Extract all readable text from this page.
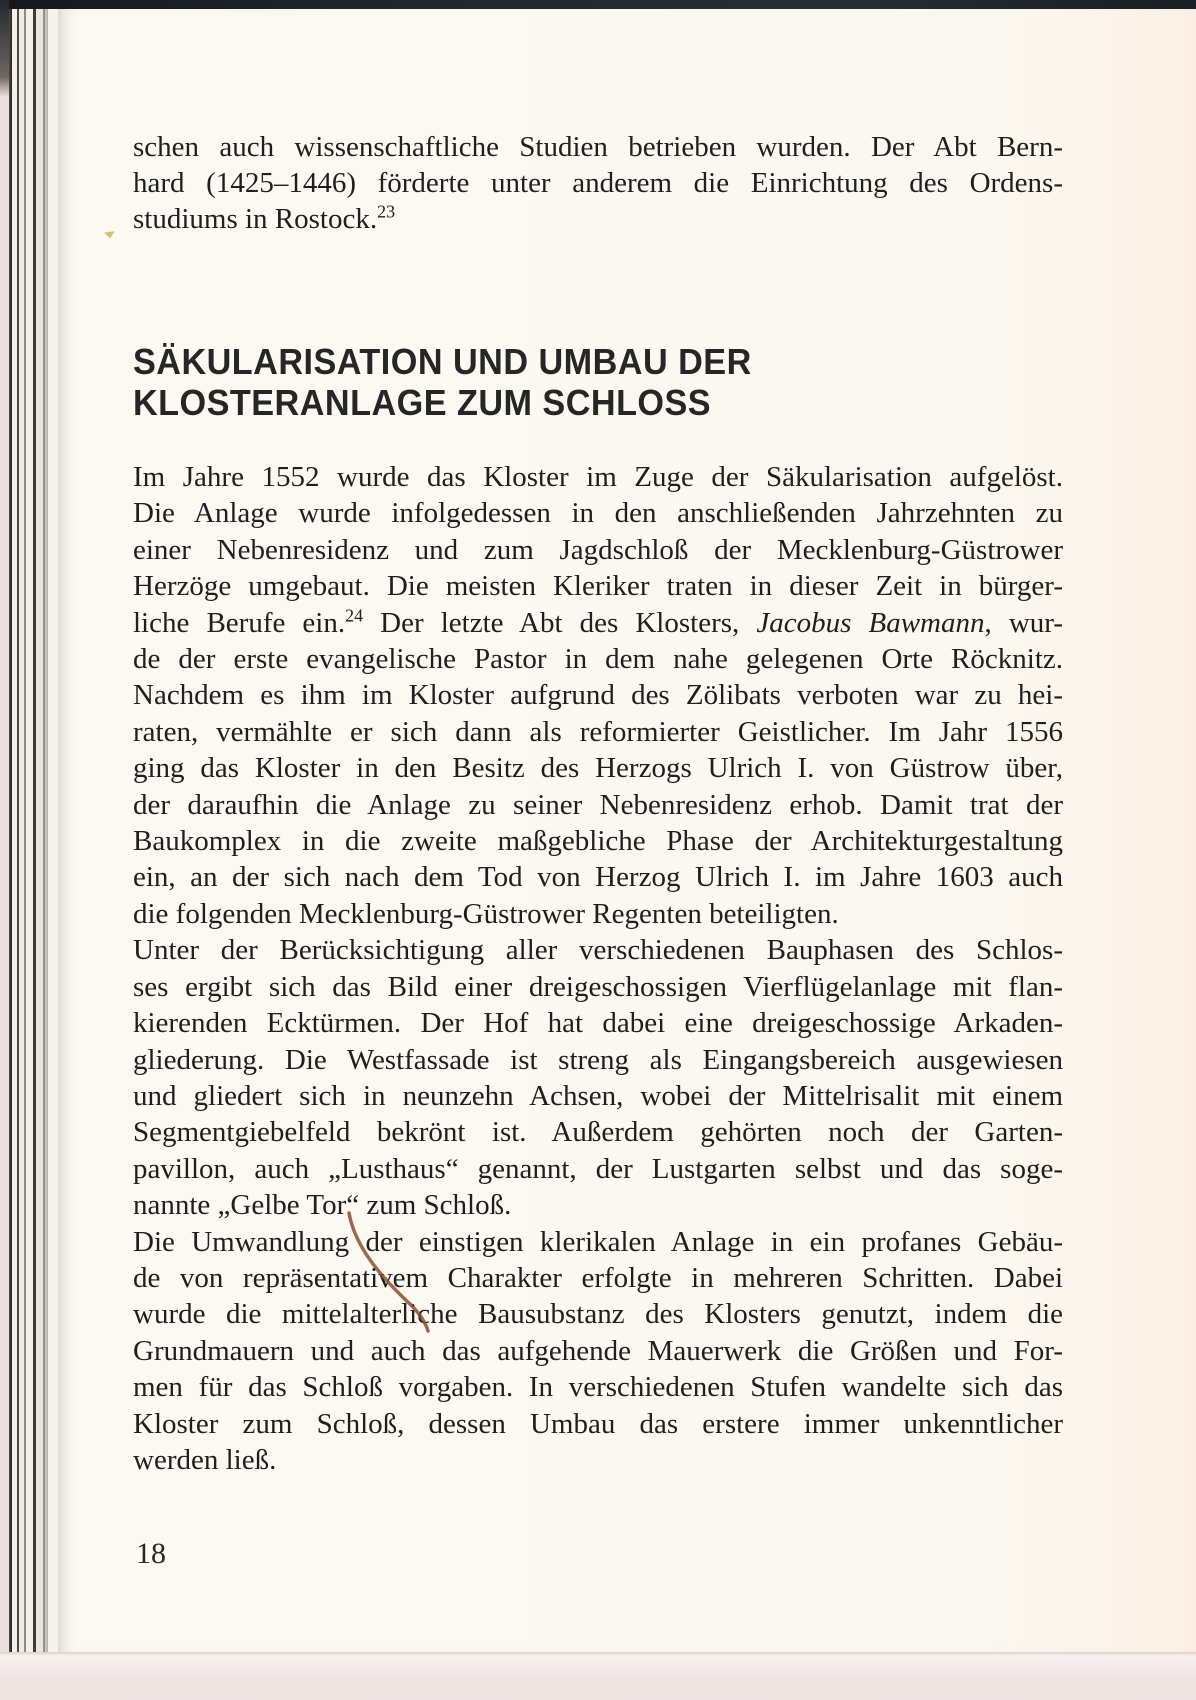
schen auch wissenschaftliche Studien betrieben wurden. Der Abt Bern-
hard (1425–1446) förderte unter anderem die Einrichtung des Ordens-
studiums in Rostock.$^{23}$
SÄKULARISATION UND UMBAU DER
KLOSTERANLAGE ZUM SCHLOSS
Im Jahre 1552 wurde das Kloster im Zuge der Säkularisation aufgelöst.
Die Anlage wurde infolgedessen in den anschließenden Jahrzehnten zu
einer Nebenresidenz und zum Jagdschloß der Mecklenburg-Güstrower
Herzöge umgebaut. Die meisten Kleriker traten in dieser Zeit in bürger-
liche Berufe ein.$^{24}$ Der letzte Abt des Klosters, Jacobus Bawmann, wur-
de der erste evangelische Pastor in dem nahe gelegenen Orte Röcknitz.
Nachdem es ihm im Kloster aufgrund des Zölibats verboten war zu hei-
raten, vermählte er sich dann als reformierter Geistlicher. Im Jahr 1556
ging das Kloster in den Besitz des Herzogs Ulrich I. von Güstrow über,
der daraufhin die Anlage zu seiner Nebenresidenz erhob. Damit trat der
Baukomplex in die zweite maßgebliche Phase der Architekturgestaltung
ein, an der sich nach dem Tod von Herzog Ulrich I. im Jahre 1603 auch
die folgenden Mecklenburg-Güstrower Regenten beteiligten.
Unter der Berücksichtigung aller verschiedenen Bauphasen des Schlos-
ses ergibt sich das Bild einer dreigeschossigen Vierflügelanlage mit flan-
kierenden Ecktürmen. Der Hof hat dabei eine dreigeschossige Arkaden-
gliederung. Die Westfassade ist streng als Eingangsbereich ausgewiesen
und gliedert sich in neunzehn Achsen, wobei der Mittelrisalit mit einem
Segmentgiebelfeld bekrönt ist. Außerdem gehörten noch der Garten-
pavillon, auch „Lusthaus“ genannt, der Lustgarten selbst und das soge-
nannte „Gelbe Tor“ zum Schloß.
Die Umwandlung der einstigen klerikalen Anlage in ein profanes Gebäu-
de von repräsentativem Charakter erfolgte in mehreren Schritten. Dabei
wurde die mittelalterliche Bausubstanz des Klosters genutzt, indem die
Grundmauern und auch das aufgehende Mauerwerk die Größen und For-
men für das Schloß vorgaben. In verschiedenen Stufen wandelte sich das
Kloster zum Schloß, dessen Umbau das erstere immer unkenntlicher
werden ließ.
18
